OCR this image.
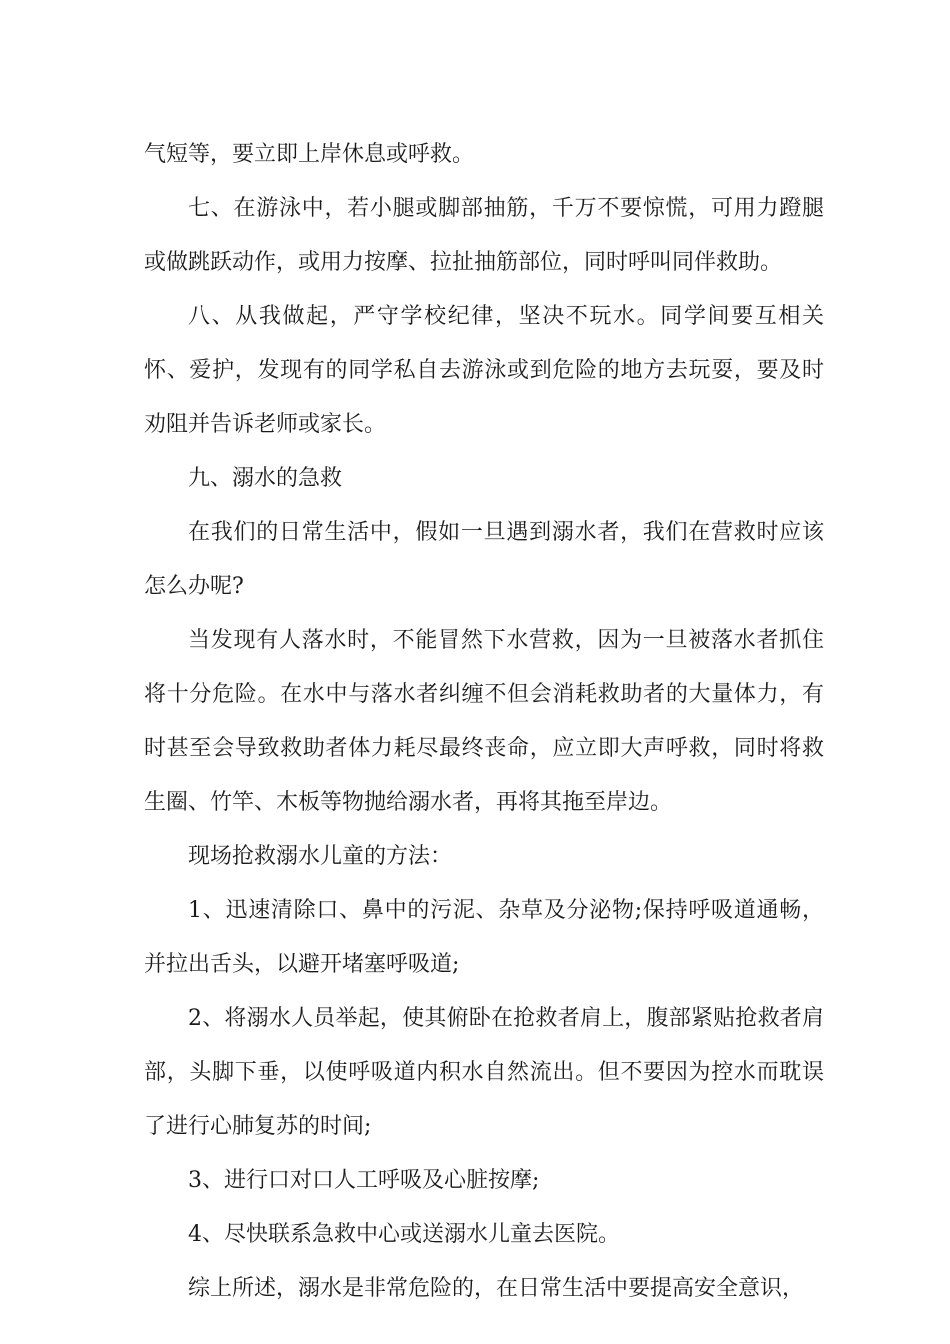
气短等，要立即上岸休息或呼救。

七、在游泳中，若小腿或脚部抽筋，千万不要惊慌，可用力蹬腿或做跳跃动作，或用力按摩、拉扯抽筋部位，同时呼叫同伴救助。

八、从我做起，严守学校纪律，坚决不玩水。同学间要互相关怀、爱护，发现有的同学私自去游泳或到危险的地方去玩耍，要及时劝阻并告诉老师或家长。

九、溺水的急救

在我们的日常生活中，假如一旦遇到溺水者，我们在营救时应该怎么办呢?

当发现有人落水时，不能冒然下水营救，因为一旦被落水者抓住将十分危险。在水中与落水者纠缠不但会消耗救助者的大量体力，有时甚至会导致救助者体力耗尽最终丧命，应立即大声呼救，同时将救生圈、竹竿、木板等物抛给溺水者，再将其拖至岸边。

现场抢救溺水儿童的方法：

1、迅速清除口、鼻中的污泥、杂草及分泌物;保持呼吸道通畅，并拉出舌头，以避开堵塞呼吸道;

2、将溺水人员举起，使其俯卧在抢救者肩上，腹部紧贴抢救者肩部，头脚下垂，以使呼吸道内积水自然流出。但不要因为控水而耽误了进行心肺复苏的时间;

3、进行口对口人工呼吸及心脏按摩;

4、尽快联系急救中心或送溺水儿童去医院。

综上所述，溺水是非常危险的，在日常生活中要提高安全意识，
